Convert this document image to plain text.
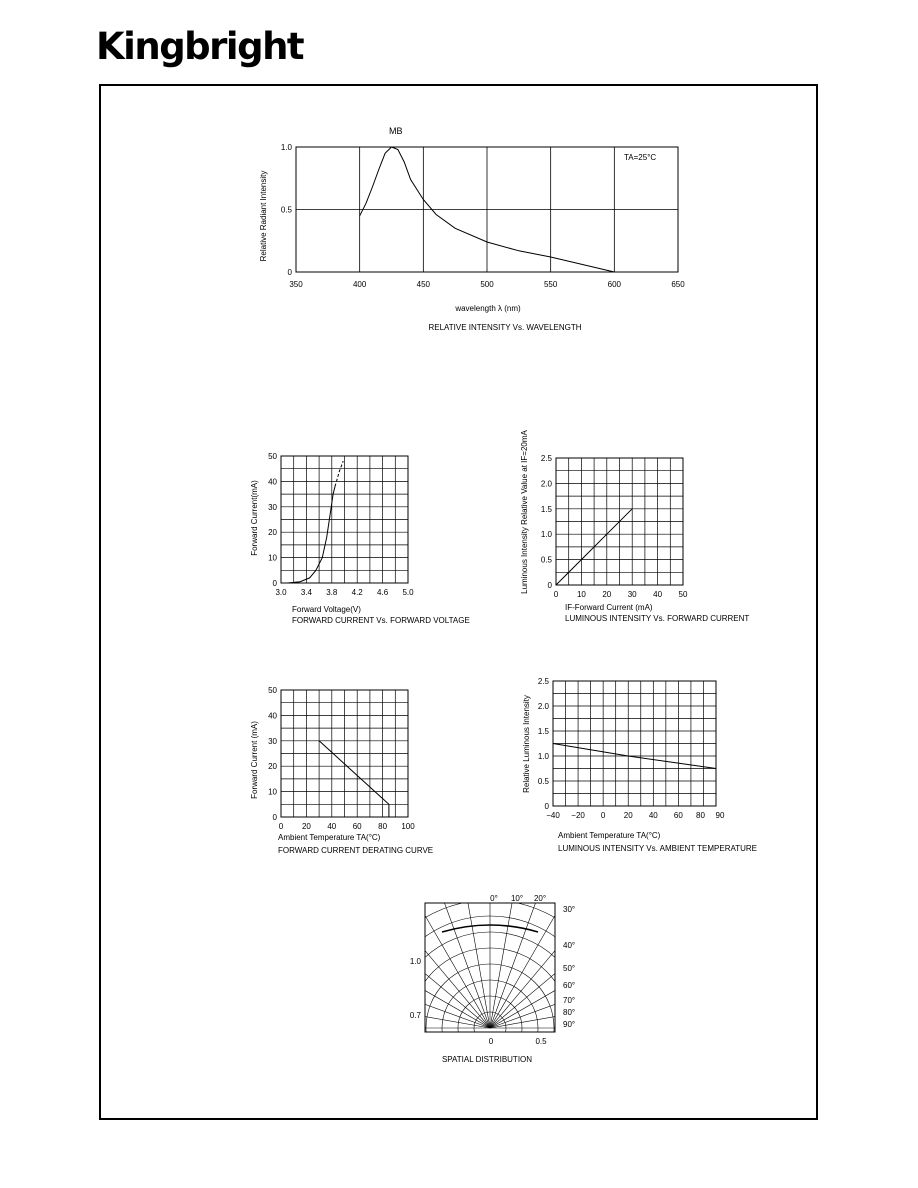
Kingbright
MB
TA=25°C
wavelength λ (nm)
RELATIVE INTENSITY Vs. WAVELENGTH
Relative Radiant Intensity
Forward Voltage(V)
FORWARD CURRENT Vs. FORWARD VOLTAGE
Forward Current(mA)
IF-Forward Current (mA)
LUMINOUS INTENSITY Vs. FORWARD CURRENT
Luminous Intensity Relative Value at IF=20mA
Ambient Temperature TA(°C)
FORWARD CURRENT DERATING CURVE
Forward Current (mA)
Ambient Temperature TA(°C)
LUMINOUS INTENSITY Vs. AMBIENT TEMPERATURE
Relative Luminous Intensity
SPATIAL DISTRIBUTION
350	400	450	500	550	600	650
0
0.5
1.0
3.0 3.4 3.8 4.2 4.6 5.0
0
10
20
30
40
50
0 10 20 30 40 50
0
0.5
1.0
1.5
2.0
2.5
0 20 40 60 80 100
0
10
20
30
40
50
−40 −20 0 20 40 60 80 90
0
0.5
1.0
1.5
2.0
2.5
0° 10° 20°
30°
40°
50°
60°
70°
80°
90°
1.0
0.7
0	0.5
